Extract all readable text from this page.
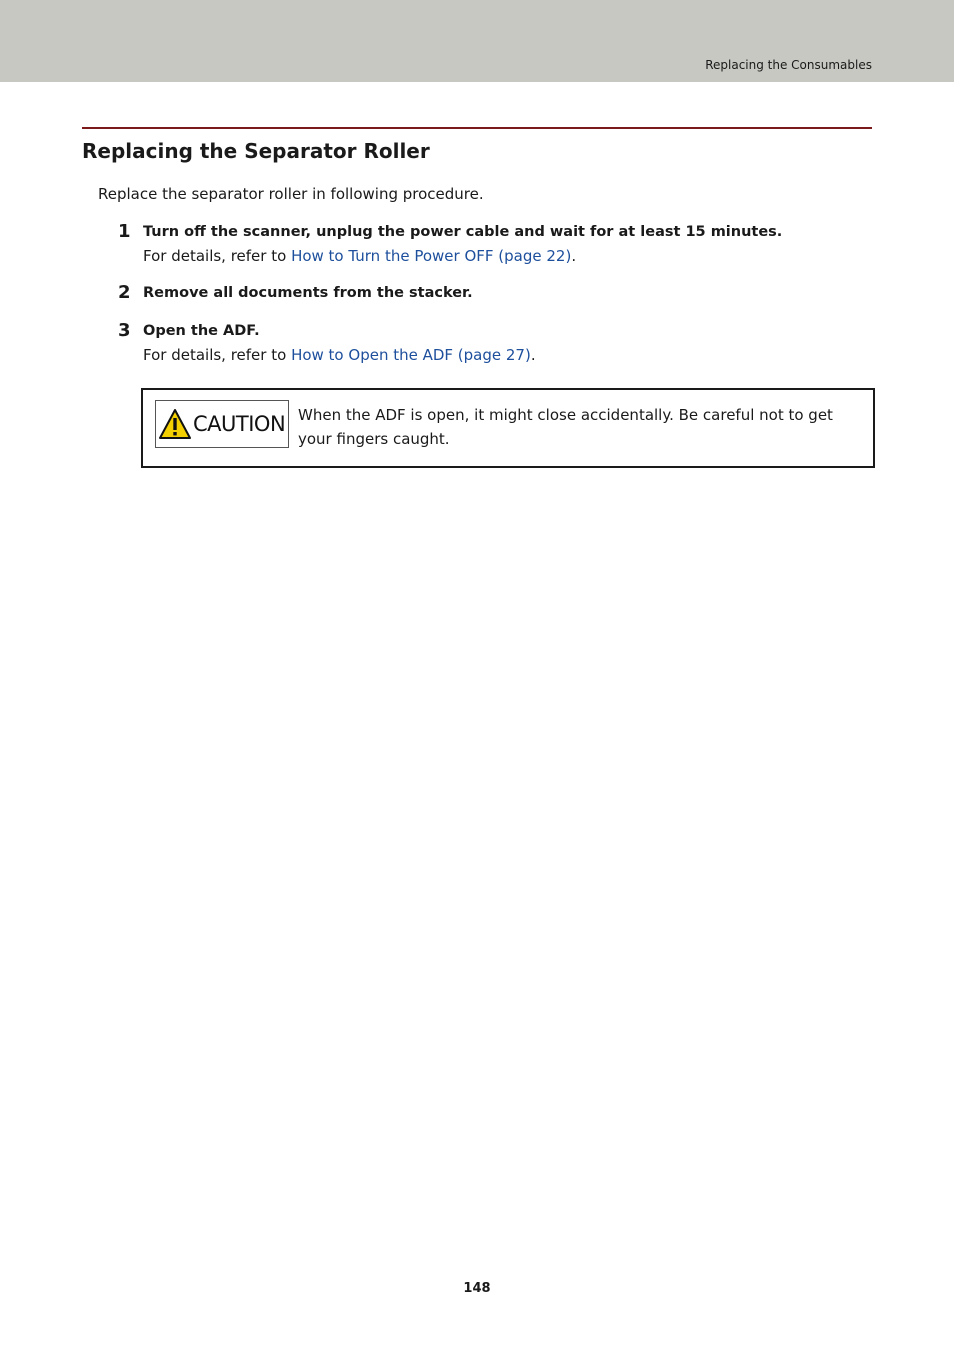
Replacing the Consumables
Replacing the Separator Roller

Replace the separator roller in following procedure.

1 Turn off the scanner, unplug the power cable and wait for at least 15 minutes.
For details, refer to How to Turn the Power OFF (page 22).
2 Remove all documents from the stacker.
3 Open the ADF.
For details, refer to How to Open the ADF (page 27).
CAUTION When the ADF is open, it might close accidentally. Be careful not to get your fingers caught.
148
